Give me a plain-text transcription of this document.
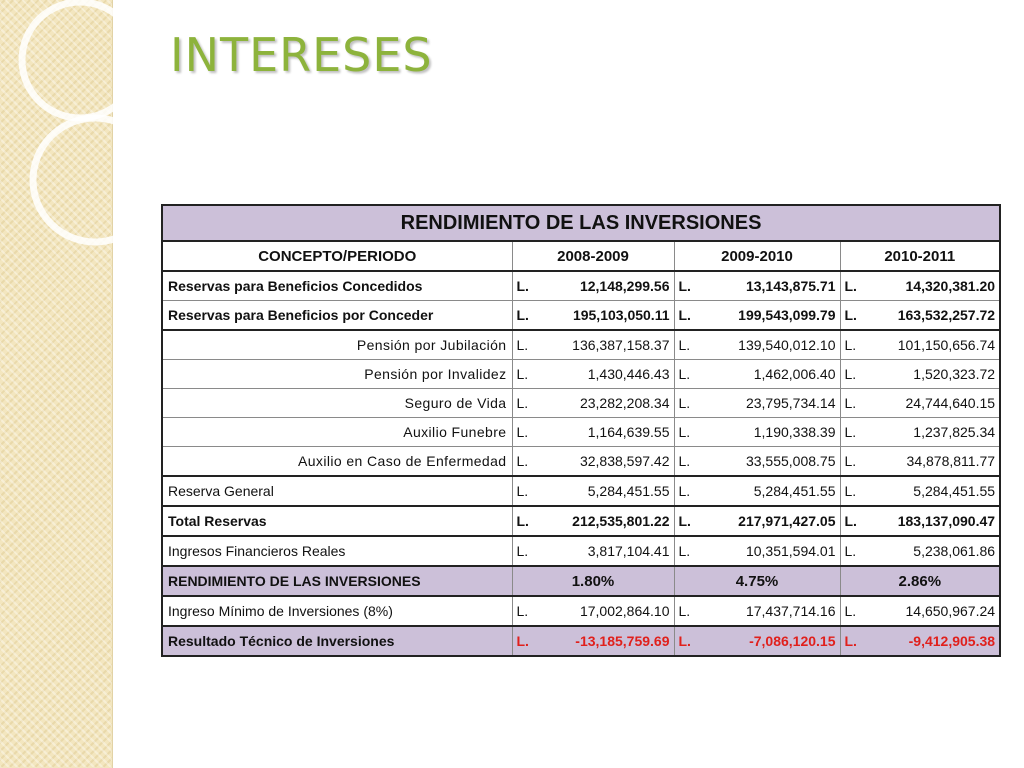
INTERESES
RENDIMIENTO DE LAS INVERSIONES			
CONCEPTO/PERIODO	2008-2009	2009-2010	2010-2011
Reservas para Beneficios Concedidos	L. 12,148,299.56	L. 13,143,875.71	L. 14,320,381.20

Reservas para Beneficios por Conceder	L. 195,103,050.11	L. 199,543,099.79	L. 163,532,257.72

Pensión por Jubilación	L. 136,387,158.37	L. 139,540,012.10	L. 101,150,656.74

Pensión por Invalidez	L. 1,430,446.43	L. 1,462,006.40	L. 1,520,323.72

Seguro de Vida	L. 23,282,208.34	L. 23,795,734.14	L. 24,744,640.15

Auxilio Funebre	L. 1,164,639.55	L. 1,190,338.39	L. 1,237,825.34

Auxilio en Caso de Enfermedad	L. 32,838,597.42	L. 33,555,008.75	L. 34,878,811.77

Reserva General	L. 5,284,451.55	L. 5,284,451.55	L. 5,284,451.55

Total Reservas	L. 212,535,801.22	L. 217,971,427.05	L. 183,137,090.47

Ingresos Financieros Reales	L. 3,817,104.41	L. 10,351,594.01	L. 5,238,061.86

RENDIMIENTO DE LAS INVERSIONES	1.80%	4.75%	2.86%
Ingreso Mínimo de Inversiones (8%)	L. 17,002,864.10	L. 17,437,714.16	L. 14,650,967.24

Resultado Técnico de Inversiones	L. -13,185,759.69	L. -7,086,120.15	L. -9,412,905.38
